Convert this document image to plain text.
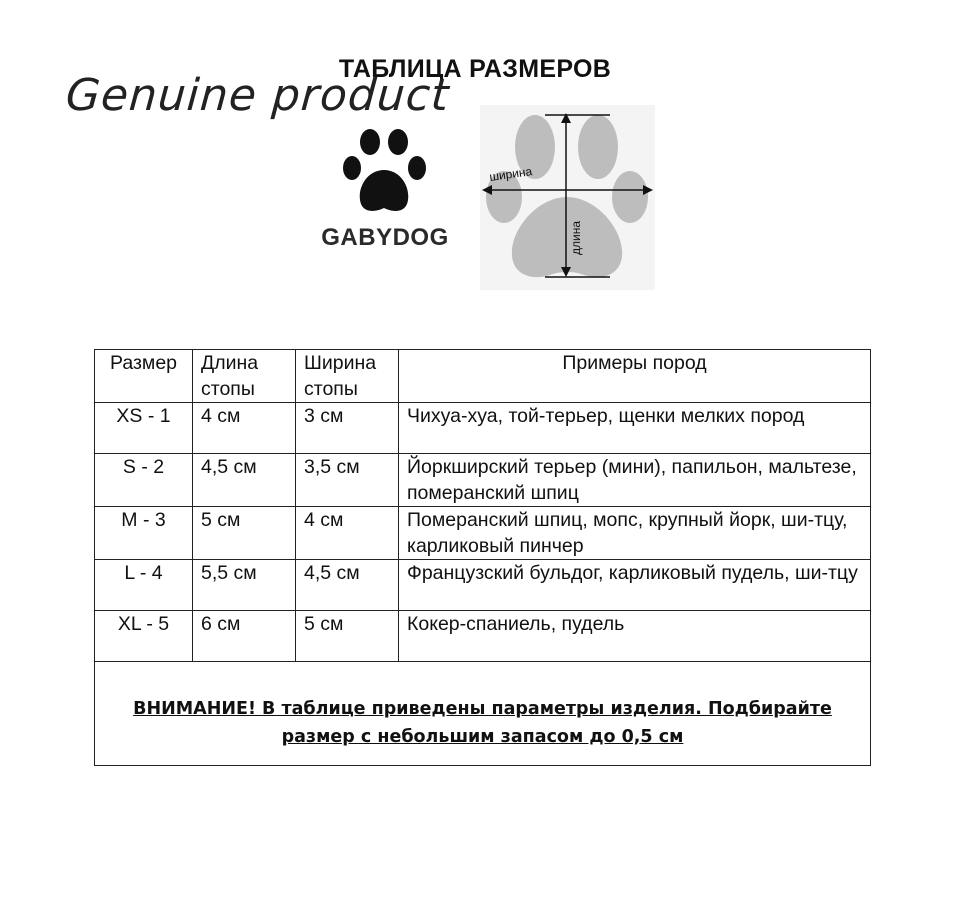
ТАБЛИЦА РАЗМЕРОВ
Genuine product
GABYDOG
ширина
длина
Размер	Длина стопы	Ширина стопы	Примеры пород
XS - 1	4 см	3 см	Чихуа-хуа, той-терьер, щенки мелких пород
S - 2	4,5 см	3,5 см	Йоркширский терьер (мини), папильон, мальтезе, померанский шпиц
M - 3	5 см	4 см	Померанский шпиц, мопс, крупный йорк, ши-тцу, карликовый пинчер
L - 4	5,5 см	4,5 см	Французский бульдог, карликовый пудель, ши-тцу
XL - 5	6 см	5 см	Кокер-спаниель, пудель
ВНИМАНИЕ! В таблице приведены параметры изделия. Подбирайте размер с небольшим запасом до 0,5 см			
